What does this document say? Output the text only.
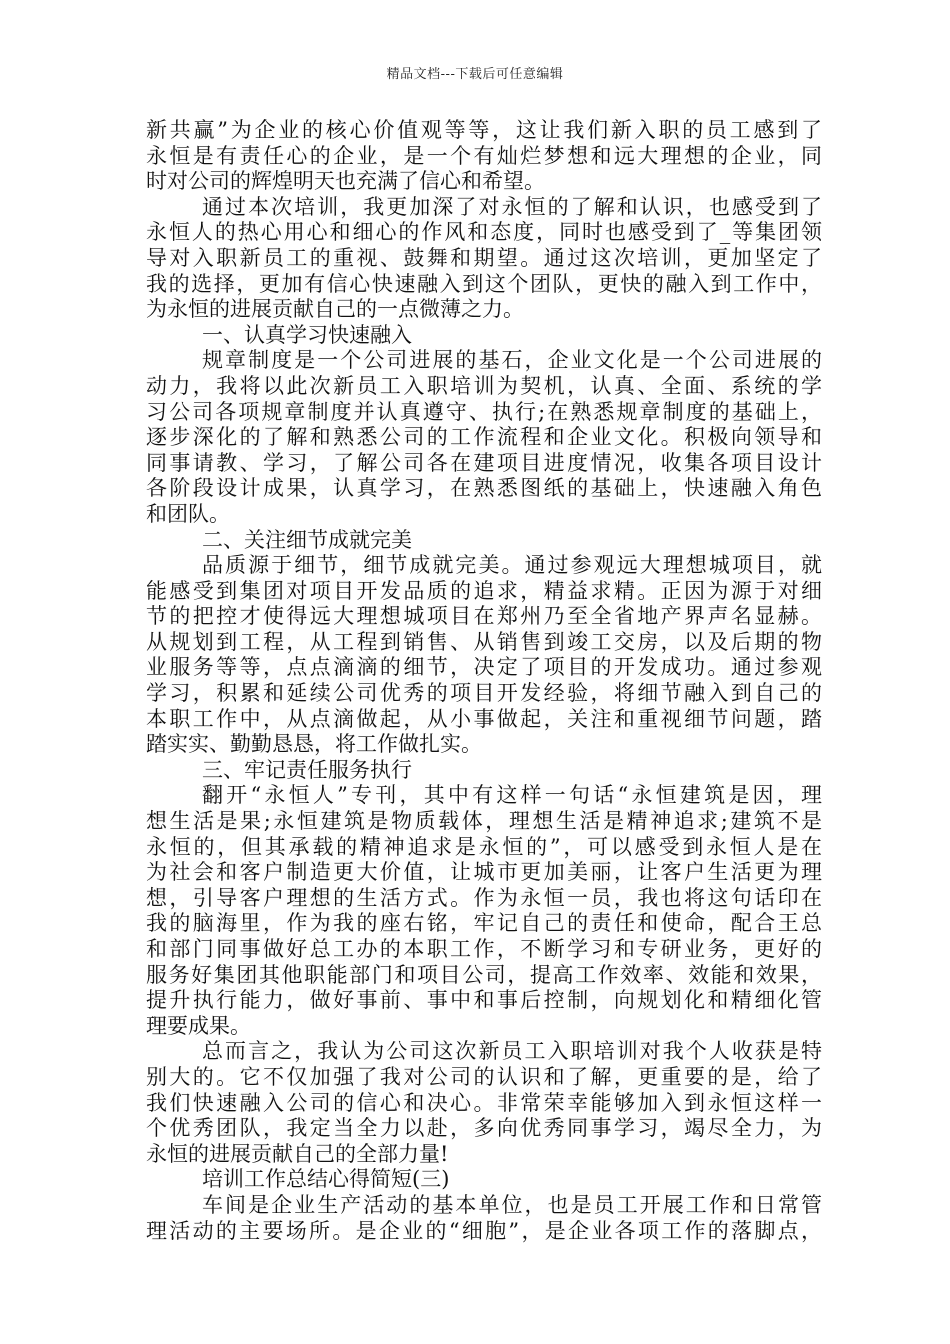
精品文档---下载后可任意编辑
新共赢”为企业的核心价值观等等，这让我们新入职的员工感到了
永恒是有责任心的企业，是一个有灿烂梦想和远大理想的企业，同
时对公司的辉煌明天也充满了信心和希望。
通过本次培训，我更加深了对永恒的了解和认识，也感受到了
永恒人的热心用心和细心的作风和态度，同时也感受到了_等集团领
导对入职新员工的重视、鼓舞和期望。通过这次培训，更加坚定了
我的选择，更加有信心快速融入到这个团队，更快的融入到工作中，
为永恒的进展贡献自己的一点微薄之力。
一、认真学习快速融入
规章制度是一个公司进展的基石，企业文化是一个公司进展的
动力，我将以此次新员工入职培训为契机，认真、全面、系统的学
习公司各项规章制度并认真遵守、执行;在熟悉规章制度的基础上，
逐步深化的了解和熟悉公司的工作流程和企业文化。积极向领导和
同事请教、学习，了解公司各在建项目进度情况，收集各项目设计
各阶段设计成果，认真学习，在熟悉图纸的基础上，快速融入角色
和团队。
二、关注细节成就完美
品质源于细节，细节成就完美。通过参观远大理想城项目，就
能感受到集团对项目开发品质的追求，精益求精。正因为源于对细
节的把控才使得远大理想城项目在郑州乃至全省地产界声名显赫。
从规划到工程，从工程到销售、从销售到竣工交房，以及后期的物
业服务等等，点点滴滴的细节，决定了项目的开发成功。通过参观
学习，积累和延续公司优秀的项目开发经验，将细节融入到自己的
本职工作中，从点滴做起，从小事做起，关注和重视细节问题，踏
踏实实、勤勤恳恳，将工作做扎实。
三、牢记责任服务执行
翻开“永恒人”专刊，其中有这样一句话“永恒建筑是因，理
想生活是果;永恒建筑是物质载体，理想生活是精神追求;建筑不是
永恒的，但其承载的精神追求是永恒的”，可以感受到永恒人是在
为社会和客户制造更大价值，让城市更加美丽，让客户生活更为理
想，引导客户理想的生活方式。作为永恒一员，我也将这句话印在
我的脑海里，作为我的座右铭，牢记自己的责任和使命，配合王总
和部门同事做好总工办的本职工作，不断学习和专研业务，更好的
服务好集团其他职能部门和项目公司，提高工作效率、效能和效果，
提升执行能力，做好事前、事中和事后控制，向规划化和精细化管
理要成果。
总而言之，我认为公司这次新员工入职培训对我个人收获是特
别大的。它不仅加强了我对公司的认识和了解，更重要的是，给了
我们快速融入公司的信心和决心。非常荣幸能够加入到永恒这样一
个优秀团队，我定当全力以赴，多向优秀同事学习，竭尽全力，为
永恒的进展贡献自己的全部力量!
培训工作总结心得简短(三)
车间是企业生产活动的基本单位，也是员工开展工作和日常管
理活动的主要场所。是企业的“细胞”，是企业各项工作的落脚点，
